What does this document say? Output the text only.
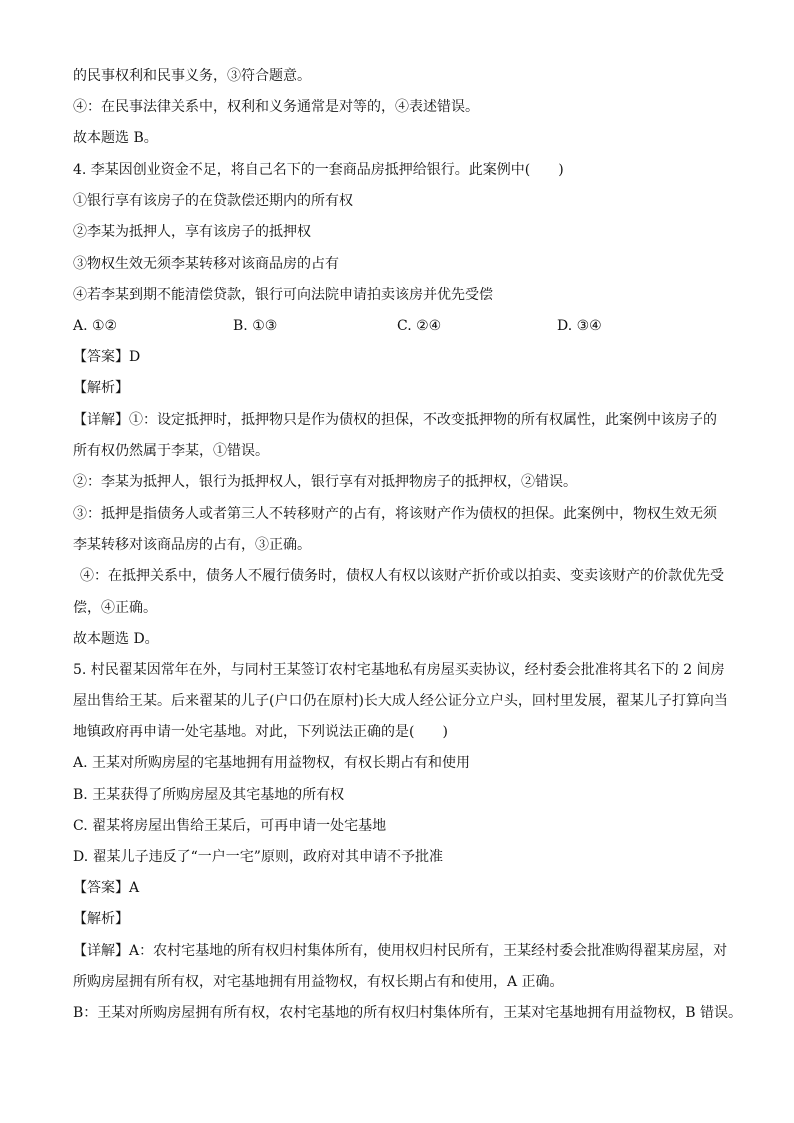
的民事权利和民事义务，③符合题意。
④：在民事法律关系中，权利和义务通常是对等的，④表述错误。
故本题选 B。
4. 李某因创业资金不足，将自己名下的一套商品房抵押给银行。此案例中(　　)
①银行享有该房子的在贷款偿还期内的所有权
②李某为抵押人，享有该房子的抵押权
③物权生效无须李某转移对该商品房的占有
④若李某到期不能清偿贷款，银行可向法院申请拍卖该房并优先受偿
A. ①②	B. ①③	C. ②④	D. ③④
【答案】D
【解析】
【详解】①：设定抵押时，抵押物只是作为债权的担保，不改变抵押物的所有权属性，此案例中该房子的
所有权仍然属于李某，①错误。
②：李某为抵押人，银行为抵押权人，银行享有对抵押物房子的抵押权，②错误。
③：抵押是指债务人或者第三人不转移财产的占有，将该财产作为债权的担保。此案例中，物权生效无须
李某转移对该商品房的占有，③正确。
④：在抵押关系中，债务人不履行债务时，债权人有权以该财产折价或以拍卖、变卖该财产的价款优先受
偿，④正确。
故本题选 D。
5. 村民翟某因常年在外，与同村王某签订农村宅基地私有房屋买卖协议，经村委会批准将其名下的 2 间房
屋出售给王某。后来翟某的儿子(户口仍在原村)长大成人经公证分立户头，回村里发展，翟某儿子打算向当
地镇政府再申请一处宅基地。对此，下列说法正确的是(　　)
A. 王某对所购房屋的宅基地拥有用益物权，有权长期占有和使用
B. 王某获得了所购房屋及其宅基地的所有权
C. 翟某将房屋出售给王某后，可再申请一处宅基地
D. 翟某儿子违反了“一户一宅”原则，政府对其申请不予批准
【答案】A
【解析】
【详解】A：农村宅基地的所有权归村集体所有，使用权归村民所有，王某经村委会批准购得翟某房屋，对
所购房屋拥有所有权，对宅基地拥有用益物权，有权长期占有和使用，A 正确。
B：王某对所购房屋拥有所有权，农村宅基地的所有权归村集体所有，王某对宅基地拥有用益物权，B 错误。
